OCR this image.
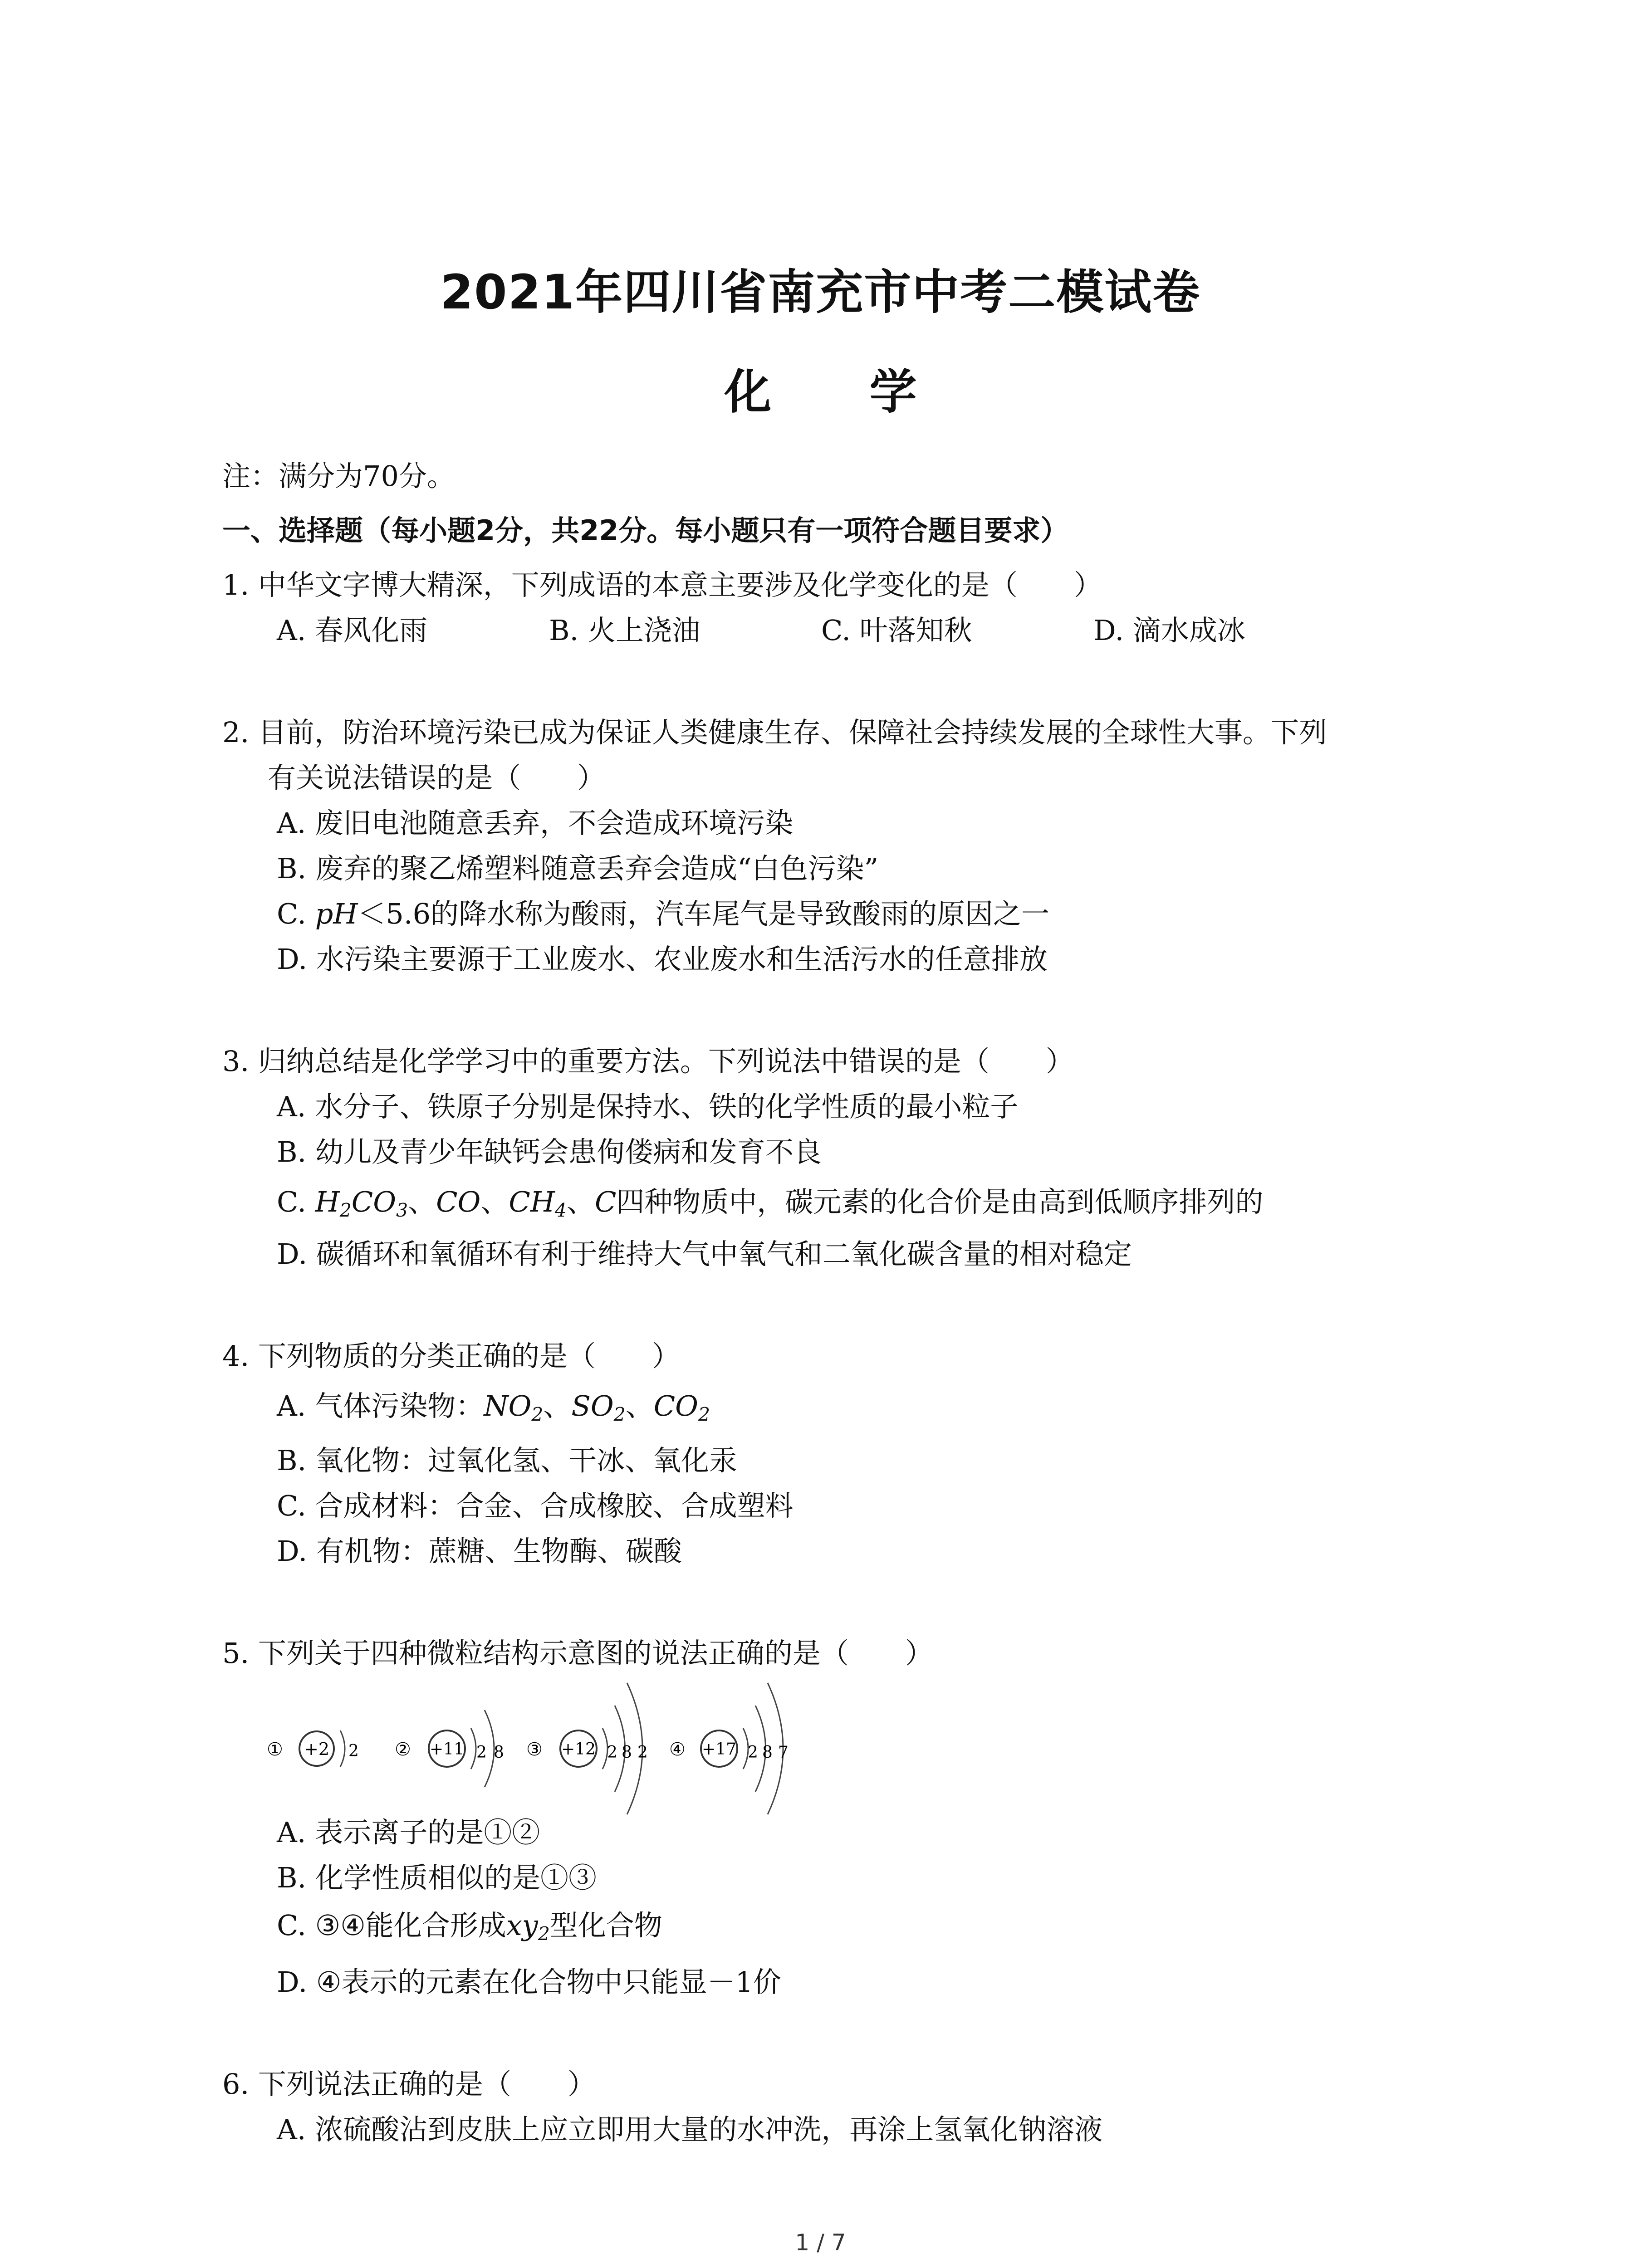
2021年四川省南充市中考二模试卷
化 学
注：满分为70分。
一、选择题（每小题2分，共22分。每小题只有一项符合题目要求）
1. 中华文字博大精深，下列成语的本意主要涉及化学变化的是（　　）
A. 春风化雨	B. 火上浇油	C. 叶落知秋	D. 滴水成冰
2. 目前，防治环境污染已成为保证人类健康生存、保障社会持续发展的全球性大事。下列
有关说法错误的是（　　）
A. 废旧电池随意丢弃，不会造成环境污染
B. 废弃的聚乙烯塑料随意丢弃会造成“白色污染”
C. pH＜5.6的降水称为酸雨，汽车尾气是导致酸雨的原因之一
D. 水污染主要源于工业废水、农业废水和生活污水的任意排放
3. 归纳总结是化学学习中的重要方法。下列说法中错误的是（　　）
A. 水分子、铁原子分别是保持水、铁的化学性质的最小粒子
B. 幼儿及青少年缺钙会患佝偻病和发育不良
C. $H_2CO_3$、CO、$CH_4$、C四种物质中，碳元素的化合价是由高到低顺序排列的
D. 碳循环和氧循环有利于维持大气中氧气和二氧化碳含量的相对稳定
4. 下列物质的分类正确的是（　　）
A. 气体污染物：$NO_2$、$SO_2$、$CO_2$
B. 氧化物：过氧化氢、干冰、氧化汞
C. 合成材料：合金、合成橡胶、合成塑料
D. 有机物：蔗糖、生物酶、碳酸
5. 下列关于四种微粒结构示意图的说法正确的是（　　）
① +2 2 ② +11 2 8 ③ +12 2 8 2 ④ +17 2 8 7
A. 表示离子的是①②
B. 化学性质相似的是①③
C. ③④能化合形成$xy_2$型化合物
D. ④表示的元素在化合物中只能显－1价
6. 下列说法正确的是（　　）
A. 浓硫酸沾到皮肤上应立即用大量的水冲洗，再涂上氢氧化钠溶液
1 / 7
